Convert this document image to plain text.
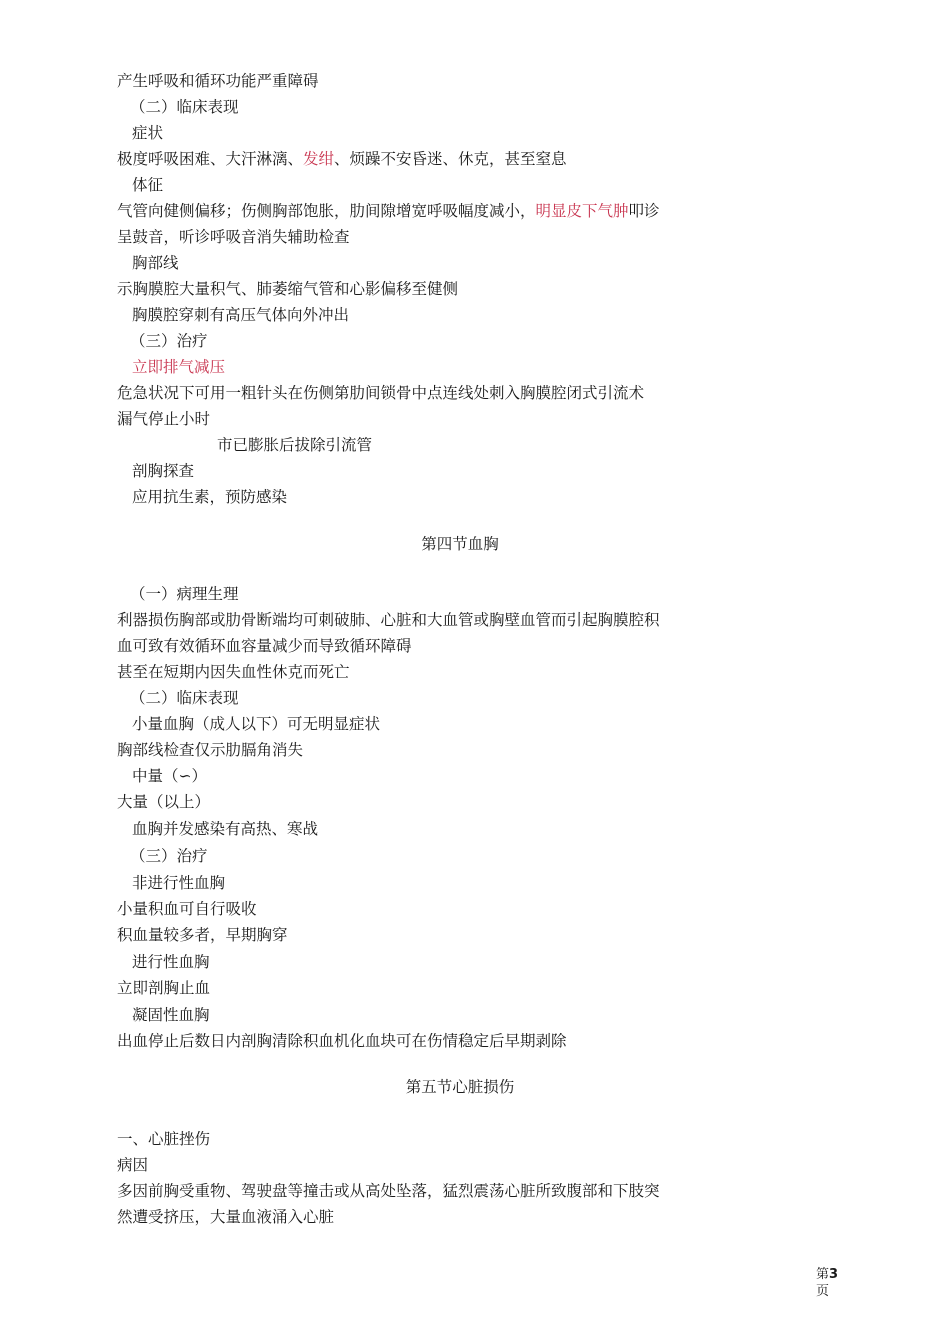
产生呼吸和循环功能严重障碍
（二）临床表现
症状
极度呼吸困难、大汗淋漓、发绀、烦躁不安昏迷、休克，甚至窒息
体征
气管向健侧偏移；伤侧胸部饱胀，肋间隙增宽呼吸幅度减小，明显皮下气肿叩诊
呈鼓音，听诊呼吸音消失辅助检查
胸部线
示胸膜腔大量积气、肺萎缩气管和心影偏移至健侧
胸膜腔穿刺有高压气体向外冲出
（三）治疗
立即排气减压
危急状况下可用一粗针头在伤侧第肋间锁骨中点连线处刺入胸膜腔闭式引流术
漏气停止小时
市已膨胀后拔除引流管
剖胸探查
应用抗生素，预防感染
第四节血胸
（一）病理生理
利器损伤胸部或肋骨断端均可刺破肺、心脏和大血管或胸壁血管而引起胸膜腔积
血可致有效循环血容量减少而导致循环障碍
甚至在短期内因失血性休克而死亡
（二）临床表现
小量血胸（成人以下）可无明显症状
胸部线检查仅示肋膈角消失
中量（∽）
大量（以上）
血胸并发感染有高热、寒战
（三）治疗
非进行性血胸
小量积血可自行吸收
积血量较多者，早期胸穿
进行性血胸
立即剖胸止血
凝固性血胸
出血停止后数日内剖胸清除积血机化血块可在伤情稳定后早期剥除
第五节心脏损伤
一、心脏挫伤
病因
多因前胸受重物、驾驶盘等撞击或从高处坠落，猛烈震荡心脏所致腹部和下肢突
然遭受挤压，大量血液涌入心脏
第3
页
